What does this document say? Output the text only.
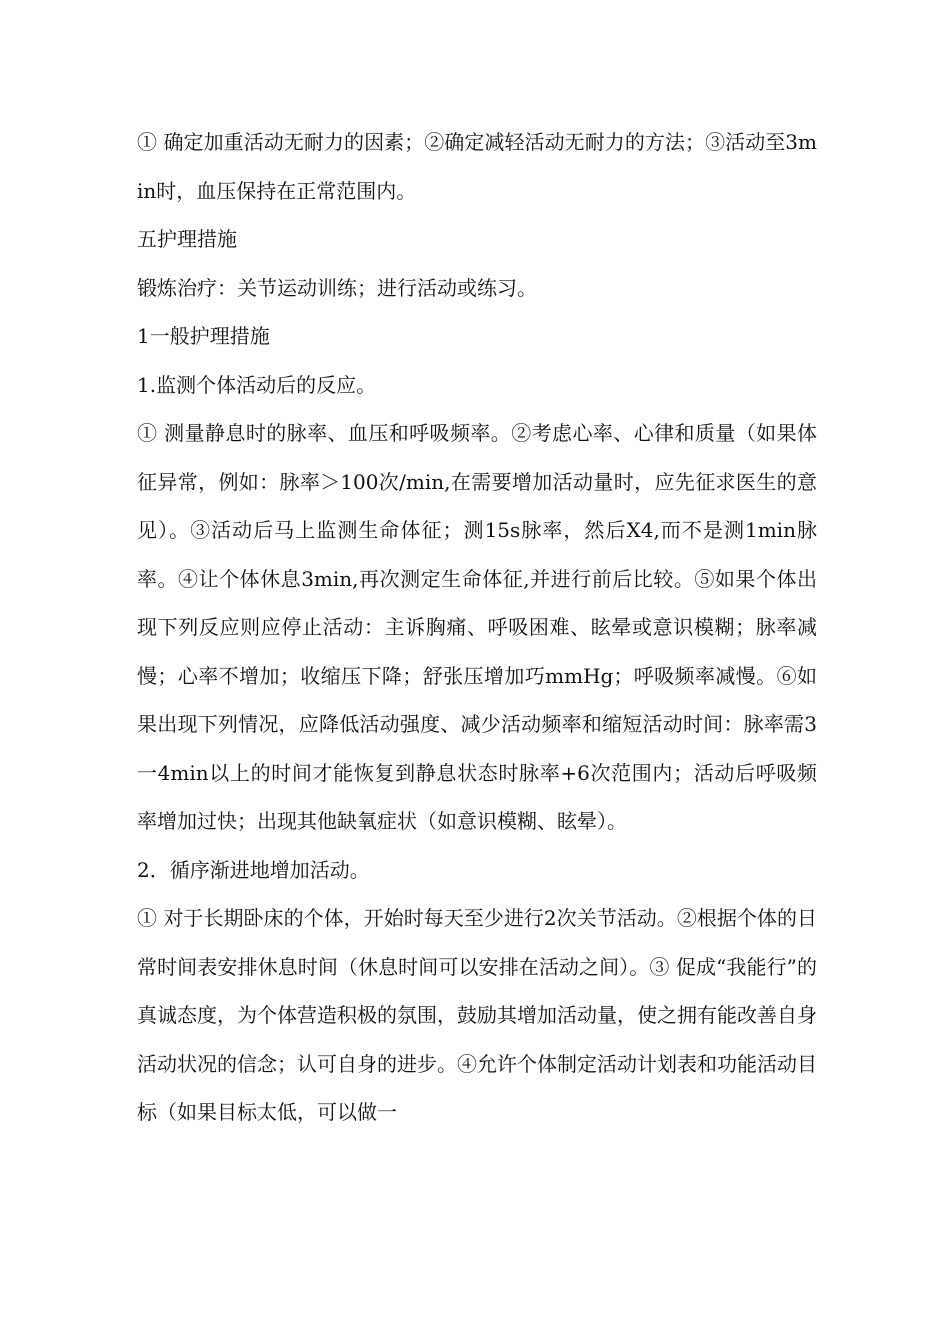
① 确定加重活动无耐力的因素；②确定减轻活动无耐力的方法；③活动至3min时，血压保持在正常范围内。

五护理措施

锻炼治疗：关节运动训练；进行活动或练习。

1一般护理措施

1.监测个体活动后的反应。

① 测量静息时的脉率、血压和呼吸频率。②考虑心率、心律和质量（如果体征异常，例如：脉率＞100次/min,在需要增加活动量时，应先征求医生的意见）。③活动后马上监测生命体征；测15s脉率，然后X4,而不是测1min脉率。④让个体休息3min,再次测定生命体征,并进行前后比较。⑤如果个体出现下列反应则应停止活动：主诉胸痛、呼吸困难、眩晕或意识模糊；脉率减慢；心率不增加；收缩压下降；舒张压增加巧mmHg；呼吸频率减慢。⑥如果出现下列情况，应降低活动强度、减少活动频率和缩短活动时间：脉率需3一4min以上的时间才能恢复到静息状态时脉率+6次范围内；活动后呼吸频率增加过快；出现其他缺氧症状（如意识模糊、眩晕）。

2．循序渐进地增加活动。

① 对于长期卧床的个体，开始时每天至少进行2次关节活动。②根据个体的日常时间表安排休息时间（休息时间可以安排在活动之间）。③ 促成“我能行”的真诚态度，为个体营造积极的氛围，鼓励其增加活动量，使之拥有能改善自身活动状况的信念；认可自身的进步。④允许个体制定活动计划表和功能活动目标（如果目标太低，可以做一
